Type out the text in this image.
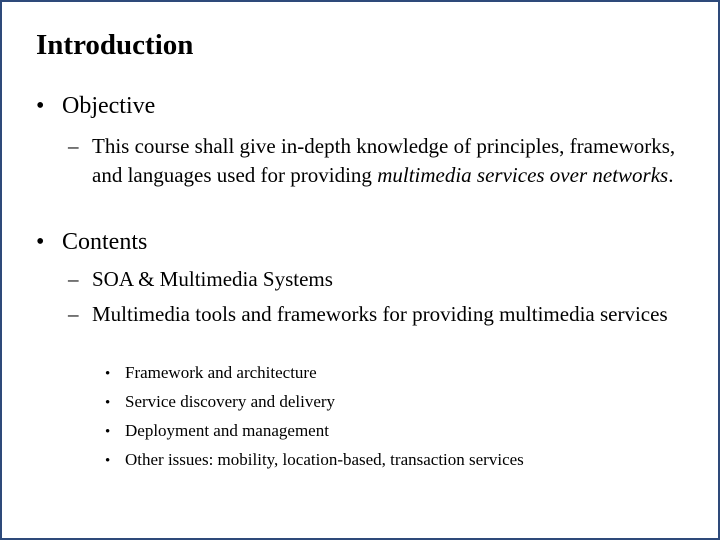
Introduction
• Objective
– This course shall give in-depth knowledge of principles, frameworks, and languages used for providing multimedia services over networks.
• Contents
– SOA & Multimedia Systems
– Multimedia tools and frameworks for providing multimedia services
• Framework and architecture
• Service discovery and delivery
• Deployment and management
• Other issues: mobility, location-based, transaction services
